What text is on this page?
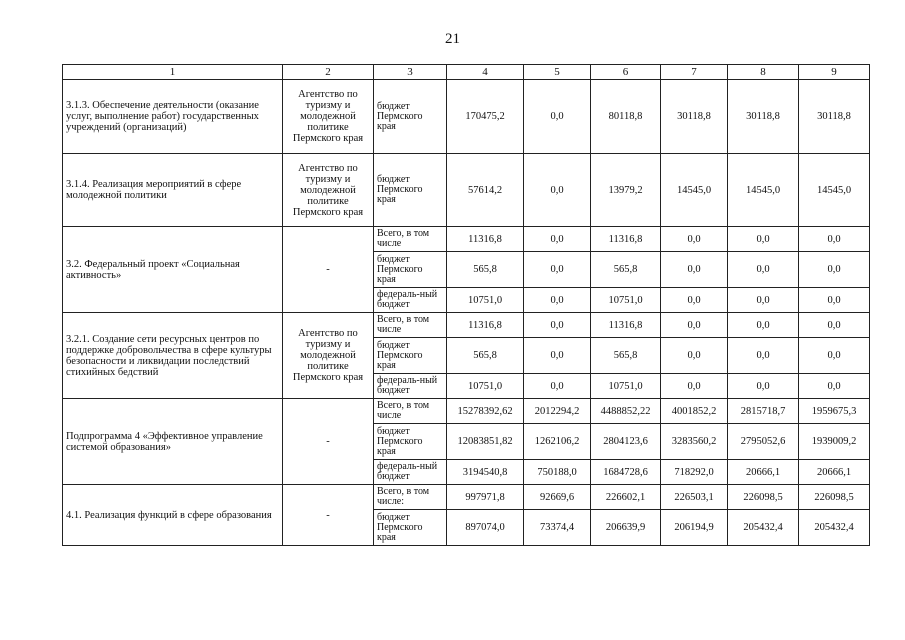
21
1	2	3	4	5	6	7	8	9
3.1.3. Обеспечение деятельности (оказание услуг, выполнение работ) государственных учреждений (организаций)	Агентство по туризму и молодежной политике Пермского края	бюджет Пермского края	170475,2	0,0	80118,8	30118,8	30118,8	30118,8
3.1.4. Реализация мероприятий в сфере молодежной политики	Агентство по туризму и молодежной политике Пермского края	бюджет Пермского края	57614,2	0,0	13979,2	14545,0	14545,0	14545,0
3.2. Федеральный проект «Социальная активность»	-	Всего, в том числе	11316,8	0,0	11316,8	0,0	0,0	0,0
		бюджет Пермского края	565,8	0,0	565,8	0,0	0,0	0,0
		федераль-ный бюджет	10751,0	0,0	10751,0	0,0	0,0	0,0
3.2.1. Создание сети ресурсных центров по поддержке добровольчества в сфере культуры безопасности и ликвидации последствий стихийных бедствий	Агентство по туризму и молодежной политике Пермского края	Всего, в том числе	11316,8	0,0	11316,8	0,0	0,0	0,0
		бюджет Пермского края	565,8	0,0	565,8	0,0	0,0	0,0
		федераль-ный бюджет	10751,0	0,0	10751,0	0,0	0,0	0,0
Подпрограмма 4 «Эффективное управление системой образования»	-	Всего, в том числе	15278392,62	2012294,2	4488852,22	4001852,2	2815718,7	1959675,3
		бюджет Пермского края	12083851,82	1262106,2	2804123,6	3283560,2	2795052,6	1939009,2
		федераль-ный бюджет	3194540,8	750188,0	1684728,6	718292,0	20666,1	20666,1
4.1. Реализация функций в сфере образования	-	Всего, в том числе:	997971,8	92669,6	226602,1	226503,1	226098,5	226098,5
		бюджет Пермского края	897074,0	73374,4	206639,9	206194,9	205432,4	205432,4
